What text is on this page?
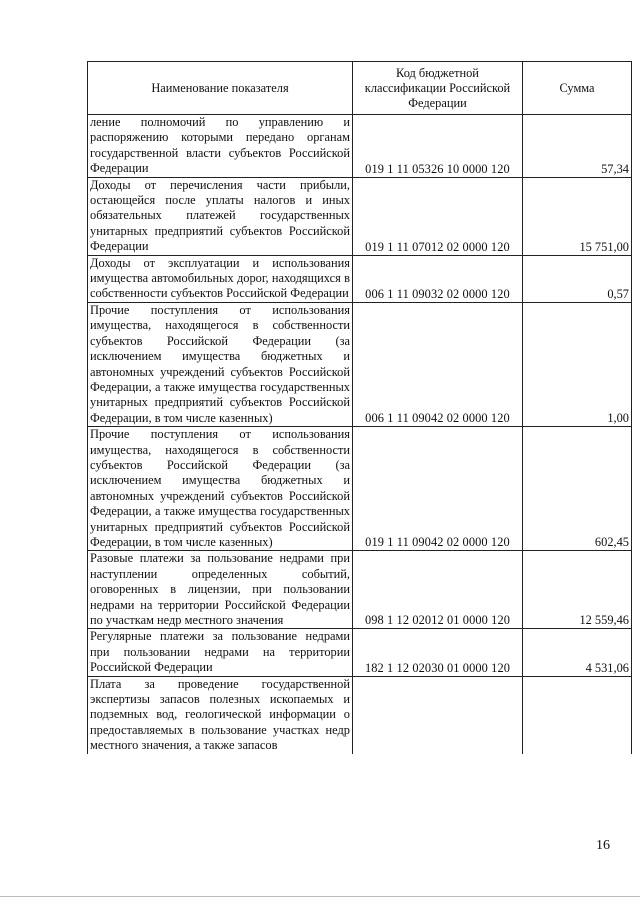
Наименование показателя	Код бюджетной классификации Российской Федерации	Сумма
ление полномочий по управлению и распоряжению которыми передано органам государственной власти субъектов Российской Федерации	019 1 11 05326 10 0000 120	57,34
Доходы от перечисления части прибыли, остающейся после уплаты налогов и иных обязательных платежей государственных унитарных предприятий субъектов Российской Федерации	019 1 11 07012 02 0000 120	15 751,00
Доходы от эксплуатации и использования имущества автомобильных дорог, находящихся в собственности субъектов Российской Федерации	006 1 11 09032 02 0000 120	0,57
Прочие поступления от использования имущества, находящегося в собственности субъектов Российской Федерации (за исключением имущества бюджетных и автономных учреждений субъектов Российской Федерации, а также имущества государственных унитарных предприятий субъектов Российской Федерации, в том числе казенных)	006 1 11 09042 02 0000 120	1,00
Прочие поступления от использования имущества, находящегося в собственности субъектов Российской Федерации (за исключением имущества бюджетных и автономных учреждений субъектов Российской Федерации, а также имущества государственных унитарных предприятий субъектов Российской Федерации, в том числе казенных)	019 1 11 09042 02 0000 120	602,45
Разовые платежи за пользование недрами при наступлении определенных событий, оговоренных в лицензии, при пользовании недрами на территории Российской Федерации по участкам недр местного значения	098 1 12 02012 01 0000 120	12 559,46
Регулярные платежи за пользование недрами при пользовании недрами на территории Российской Федерации	182 1 12 02030 01 0000 120	4 531,06
Плата за проведение государственной экспертизы запасов полезных ископаемых и подземных вод, геологической информации о предоставляемых в пользование участках недр местного значения, а также запасов		
16
